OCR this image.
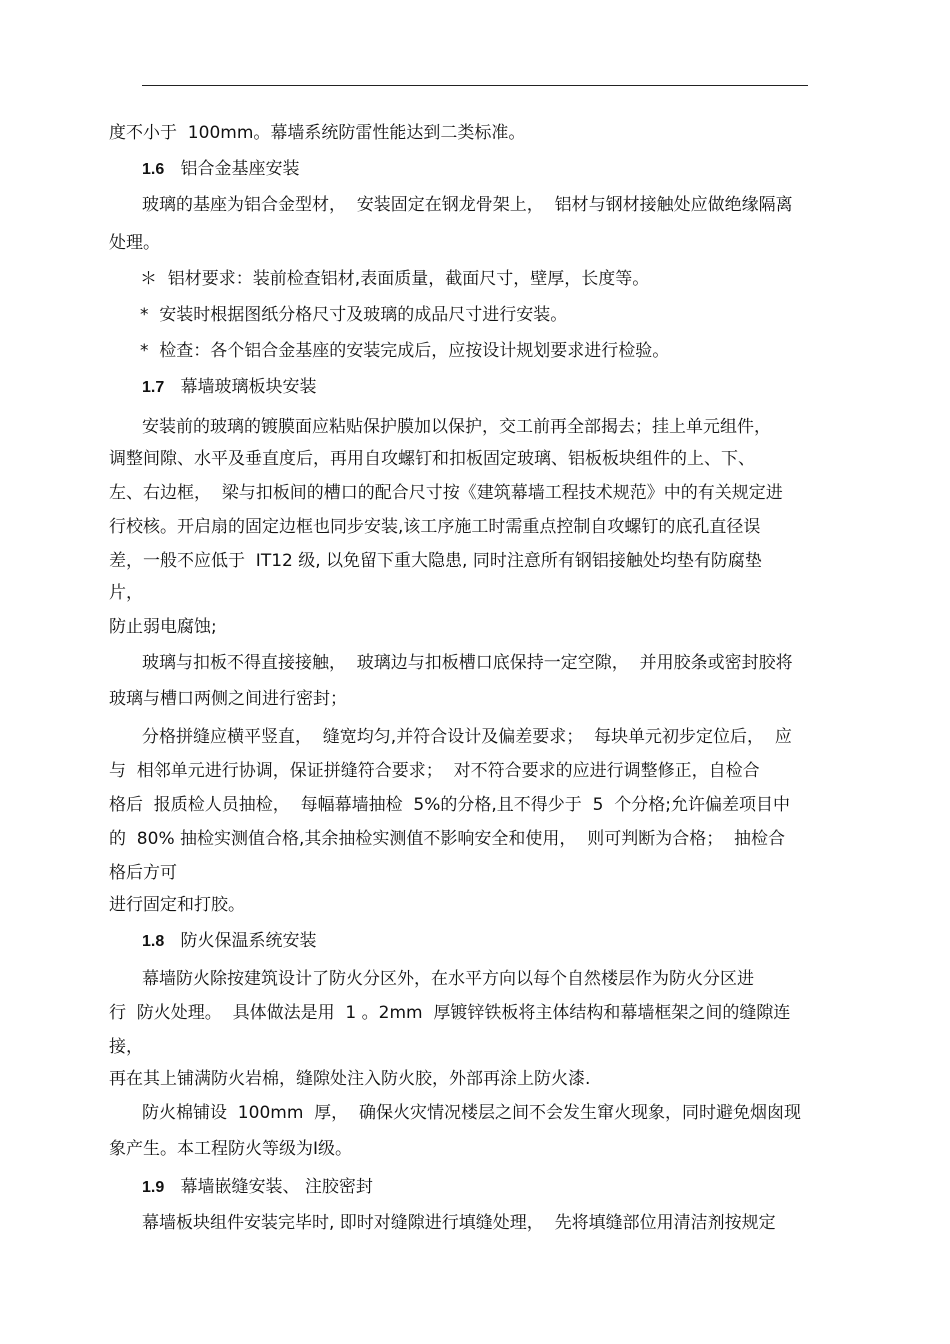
度不小于  100mm。幕墙系统防雷性能达到二类标准。
1.6 铝合金基座安装
玻璃的基座为铝合金型材，  安装固定在钢龙骨架上，  铝材与钢材接触处应做绝缘隔离
处理。
＊  铝材要求：装前检查铝材,表面质量，截面尺寸，壁厚，长度等。
*  安装时根据图纸分格尺寸及玻璃的成品尺寸进行安装。
*  检查：各个铝合金基座的安装完成后，应按设计规划要求进行检验。
1.7 幕墙玻璃板块安装
安装前的玻璃的镀膜面应粘贴保护膜加以保护，交工前再全部揭去；挂上单元组件，
调整间隙、水平及垂直度后，再用自攻螺钉和扣板固定玻璃、铝板板块组件的上、下、
左、右边框，  梁与扣板间的槽口的配合尺寸按《建筑幕墙工程技术规范》中的有关规定进
行校核。开启扇的固定边框也同步安装,该工序施工时需重点控制自攻螺钉的底孔直径误
差，一般不应低于  IT12 级, 以免留下重大隐患, 同时注意所有钢铝接触处均垫有防腐垫
片，
防止弱电腐蚀;
玻璃与扣板不得直接接触，  玻璃边与扣板槽口底保持一定空隙，  并用胶条或密封胶将
玻璃与槽口两侧之间进行密封；
分格拼缝应横平竖直，  缝宽均匀,并符合设计及偏差要求；  每块单元初步定位后，  应
与  相邻单元进行协调，保证拼缝符合要求；  对不符合要求的应进行调整修正，自检合
格后  报质检人员抽检，  每幅幕墙抽检  5%的分格,且不得少于  5  个分格;允许偏差项目中
的  80% 抽检实测值合格,其余抽检实测值不影响安全和使用，  则可判断为合格；  抽检合
格后方可
进行固定和打胶。
1.8 防火保温系统安装
幕墙防火除按建筑设计了防火分区外，在水平方向以每个自然楼层作为防火分区进
行  防火处理。  具体做法是用  1 。2mm  厚镀锌铁板将主体结构和幕墙框架之间的缝隙连
接，
再在其上铺满防火岩棉，缝隙处注入防火胶，外部再涂上防火漆.
防火棉铺设  100mm  厚，  确保火灾情况楼层之间不会发生窜火现象，同时避免烟囱现
象产生。本工程防火等级为Ⅰ级。
1.9 幕墙嵌缝安装、 注胶密封
幕墙板块组件安装完毕时, 即时对缝隙进行填缝处理，  先将填缝部位用清洁剂按规定
